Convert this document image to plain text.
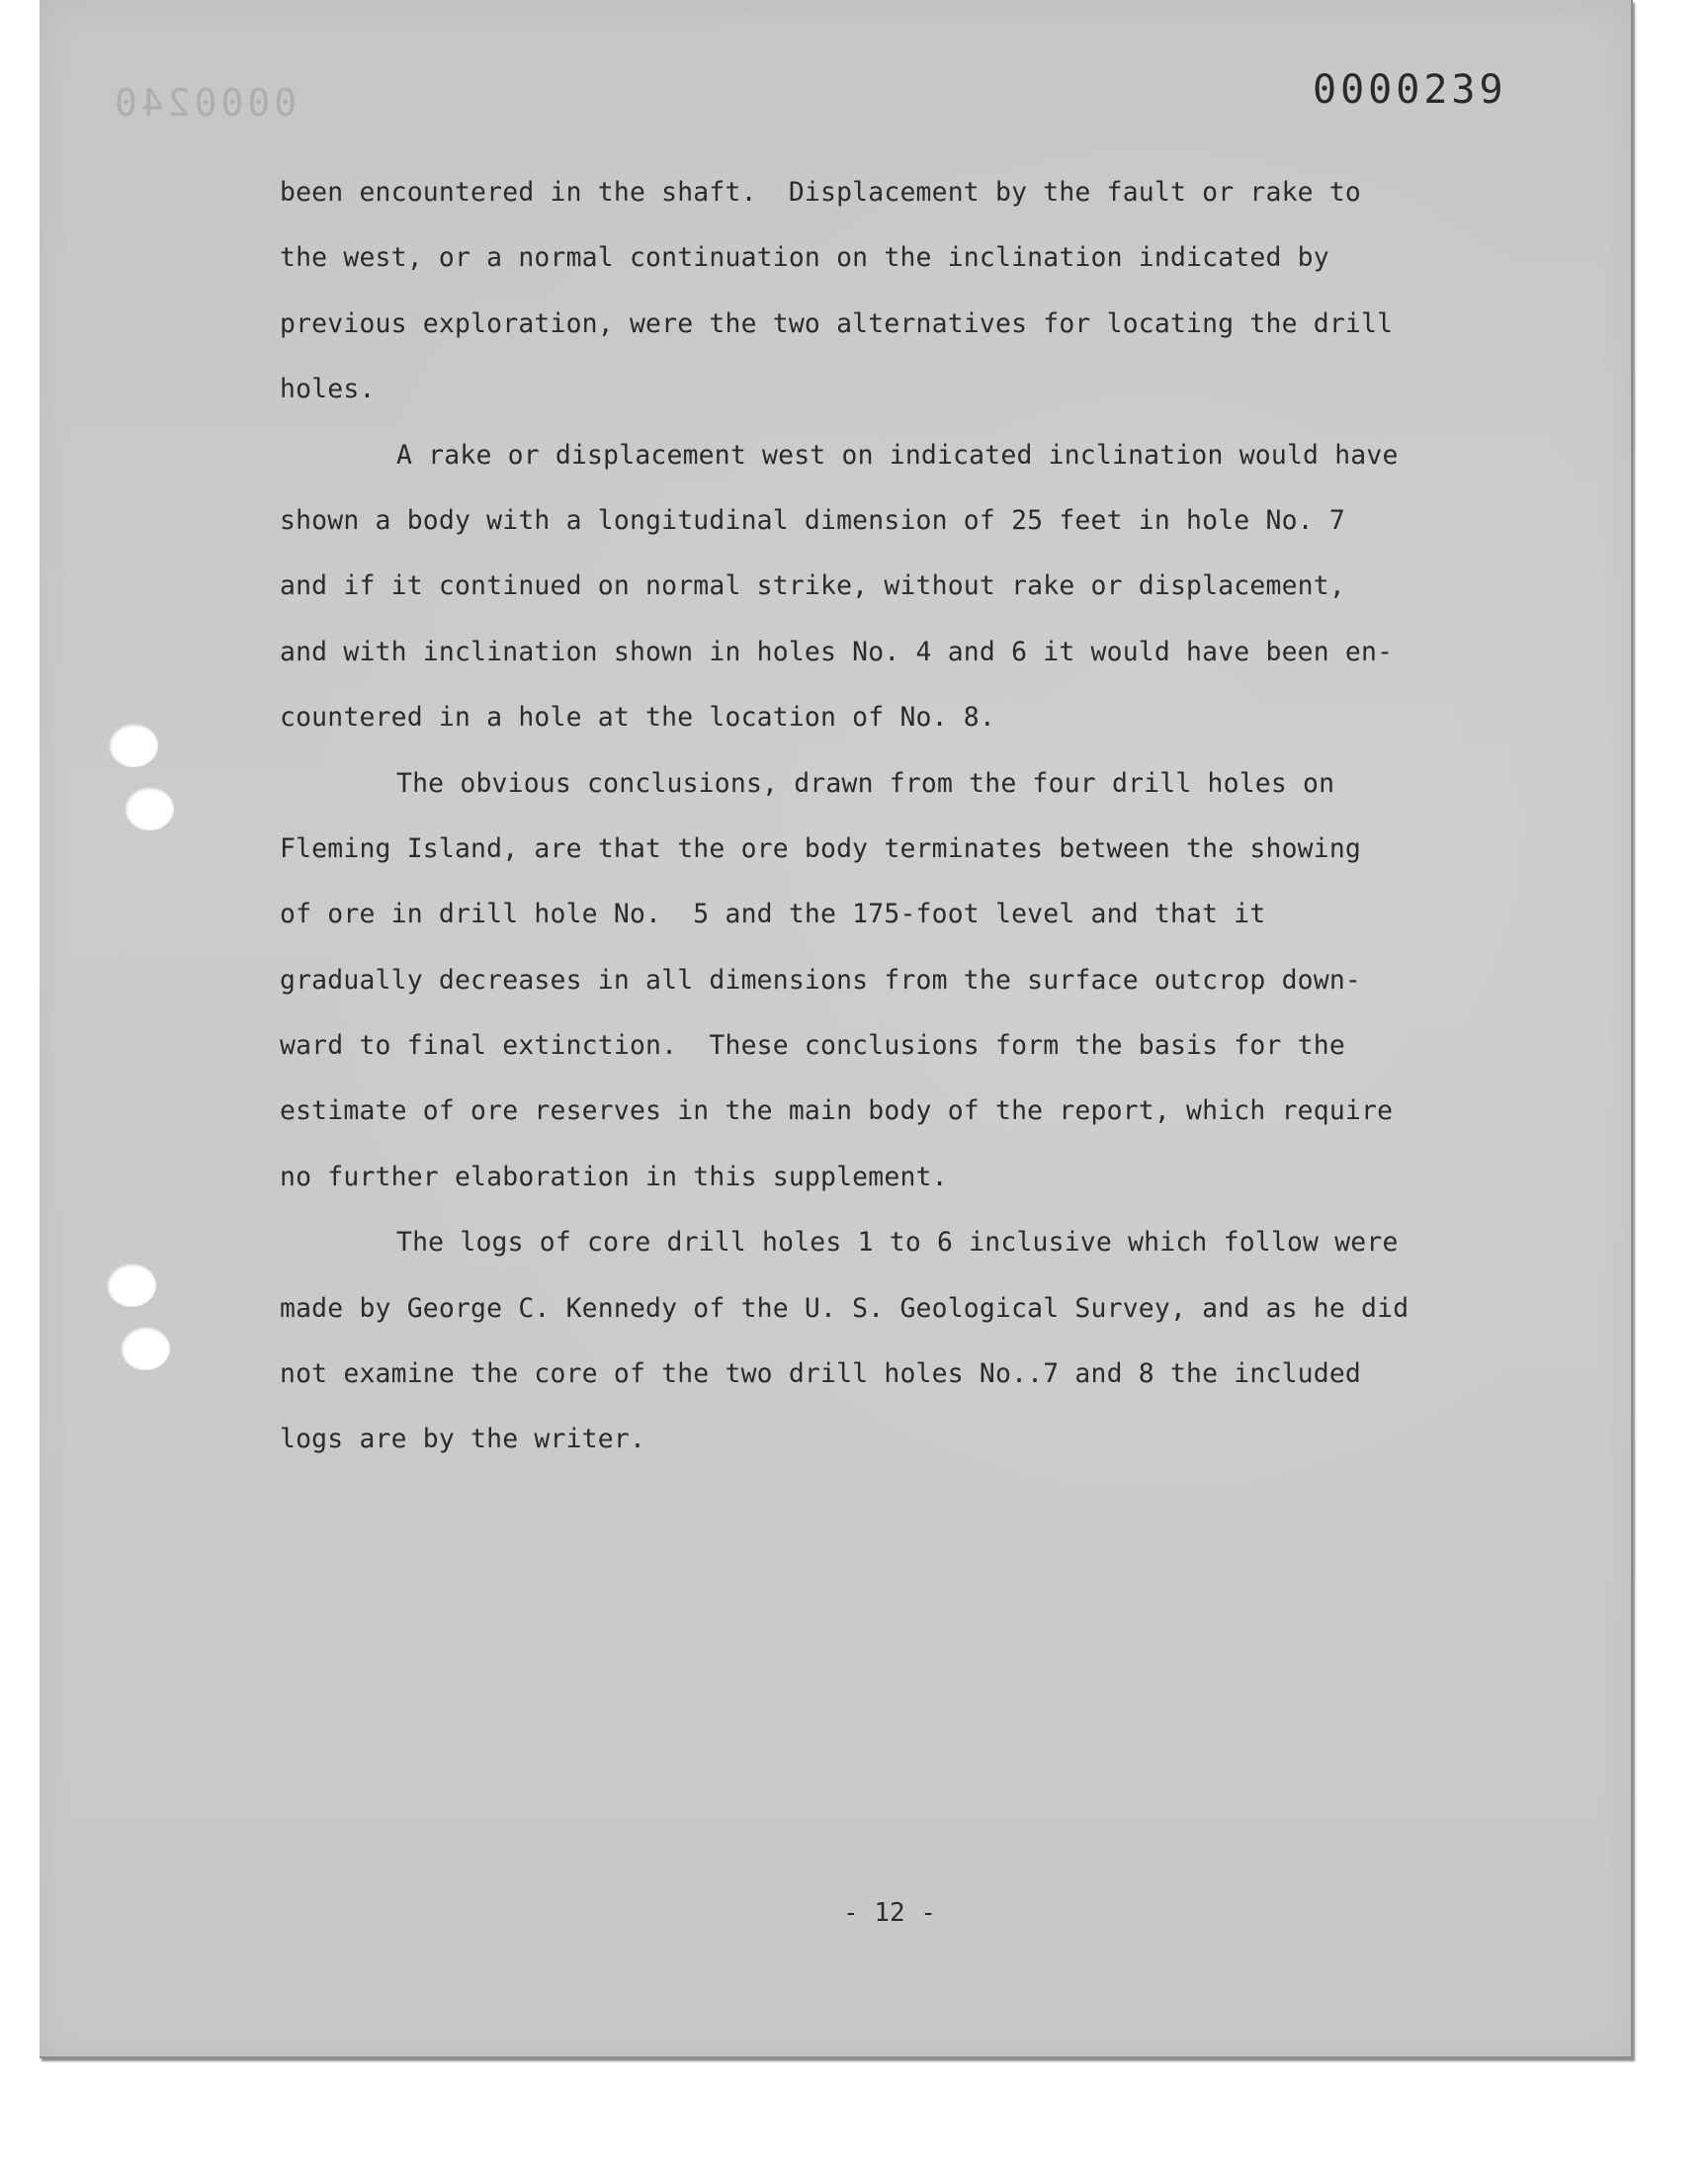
0000240	0000239
been encountered in the shaft.  Displacement by the fault or rake to
the west, or a normal continuation on the inclination indicated by
previous exploration, were the two alternatives for locating the drill
holes.
A rake or displacement west on indicated inclination would have
shown a body with a longitudinal dimension of 25 feet in hole No. 7
and if it continued on normal strike, without rake or displacement,
and with inclination shown in holes No. 4 and 6 it would have been en-
countered in a hole at the location of No. 8.
The obvious conclusions, drawn from the four drill holes on
Fleming Island, are that the ore body terminates between the showing
of ore in drill hole No.  5 and the 175-foot level and that it
gradually decreases in all dimensions from the surface outcrop down-
ward to final extinction.  These conclusions form the basis for the
estimate of ore reserves in the main body of the report, which require
no further elaboration in this supplement.
The logs of core drill holes 1 to 6 inclusive which follow were
made by George C. Kennedy of the U. S. Geological Survey, and as he did
not examine the core of the two drill holes No..7 and 8 the included
logs are by the writer.
- 12 -
